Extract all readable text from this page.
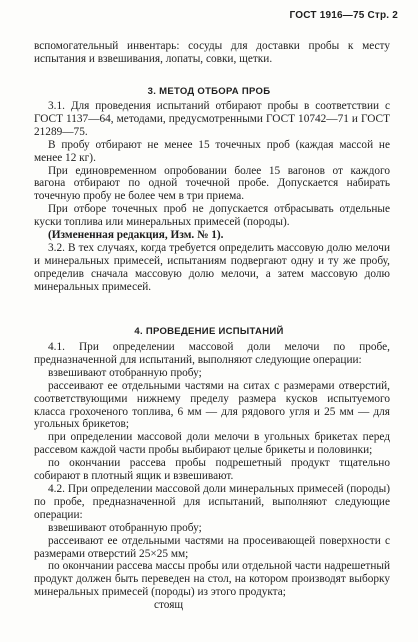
ГОСТ 1916—75 Стр. 2

вспомогательный инвентарь: сосуды для доставки пробы к месту испытания и взвешивания, лопаты, совки, щетки.

3. МЕТОД ОТБОРА ПРОБ

3.1. Для проведения испытаний отбирают пробы в соответствии с ГОСТ 1137—64, методами, предусмотренными ГОСТ 10742—71 и ГОСТ 21289—75.

В пробу отбирают не менее 15 точечных проб (каждая массой не менее 12 кг).

При единовременном опробовании более 15 вагонов от каждого вагона отбирают по одной точечной пробе. Допускается набирать точечную пробу не более чем в три приема.

При отборе точечных проб не допускается отбрасывать отдельные куски топлива или минеральных примесей (породы).

(Измененная редакция, Изм. № 1).

3.2. В тех случаях, когда требуется определить массовую долю мелочи и минеральных примесей, испытаниям подвергают одну и ту же пробу, определив сначала массовую долю мелочи, а затем массовую долю минеральных примесей.

4. ПРОВЕДЕНИЕ ИСПЫТАНИЙ

4.1. При определении массовой доли мелочи по пробе, предназначенной для испытаний, выполняют следующие операции:

взвешивают отобранную пробу;

рассеивают ее отдельными частями на ситах с размерами отверстий, соответствующими нижнему пределу размера кусков испытуемого класса грохоченого топлива, 6 мм — для рядового угля и 25 мм — для угольных брикетов;

при определении массовой доли мелочи в угольных брикетах перед рассевом каждой части пробы выбирают целые брикеты и половинки;

по окончании рассева пробы подрешетный продукт тщательно собирают в плотный ящик и взвешивают.

4.2. При определении массовой доли минеральных примесей (породы) по пробе, предназначенной для испытаний, выполняют следующие операции:

взвешивают отобранную пробу;

рассеивают ее отдельными частями на просеивающей поверхности с размерами отверстий 25×25 мм;

по окончании рассева массы пробы или отдельной части надрешетный продукт должен быть переведен на стол, на котором производят выборку минеральных примесей (породы) из этого продукта;

стоящ
